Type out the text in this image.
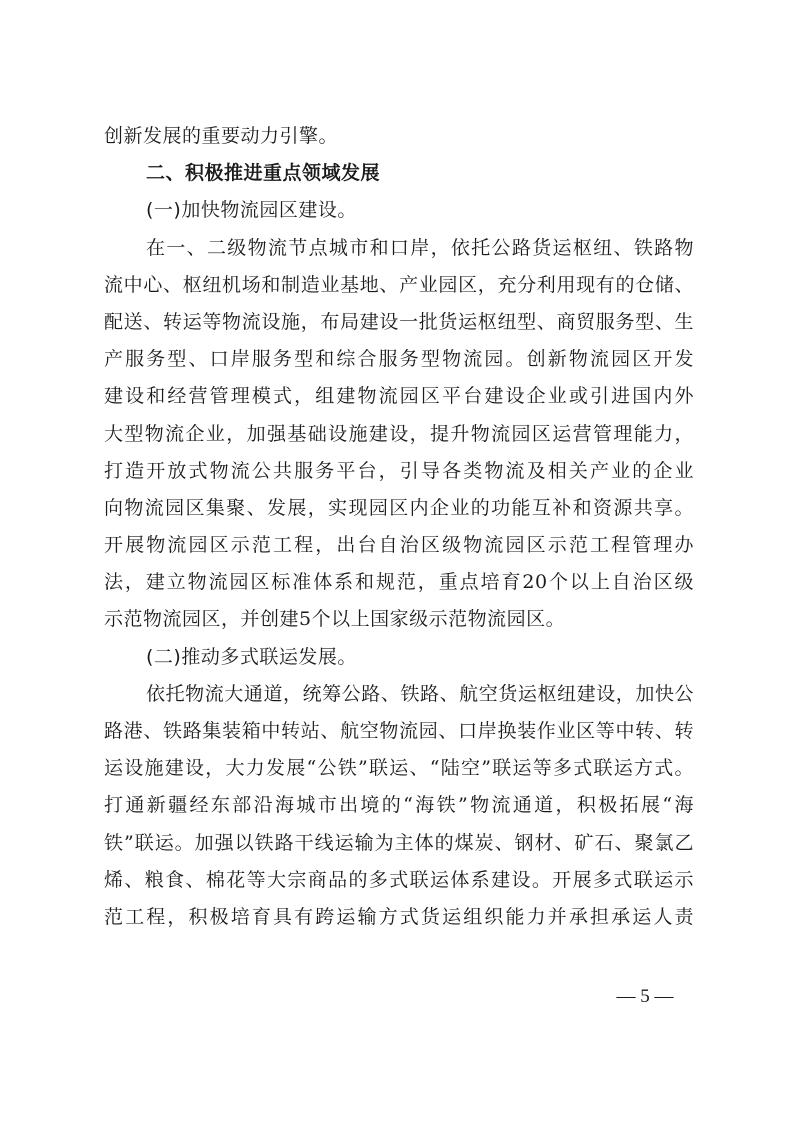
创新发展的重要动力引擎。
二、积极推进重点领域发展
(一)加快物流园区建设。
在一、二级物流节点城市和口岸，依托公路货运枢纽、铁路物
流中心、枢纽机场和制造业基地、产业园区，充分利用现有的仓储、
配送、转运等物流设施，布局建设一批货运枢纽型、商贸服务型、生
产服务型、口岸服务型和综合服务型物流园。创新物流园区开发
建设和经营管理模式，组建物流园区平台建设企业或引进国内外
大型物流企业，加强基础设施建设，提升物流园区运营管理能力，
打造开放式物流公共服务平台，引导各类物流及相关产业的企业
向物流园区集聚、发展，实现园区内企业的功能互补和资源共享。
开展物流园区示范工程，出台自治区级物流园区示范工程管理办
法，建立物流园区标准体系和规范，重点培育20个以上自治区级
示范物流园区，并创建5个以上国家级示范物流园区。
(二)推动多式联运发展。
依托物流大通道，统筹公路、铁路、航空货运枢纽建设，加快公
路港、铁路集装箱中转站、航空物流园、口岸换装作业区等中转、转
运设施建设，大力发展“公铁”联运、“陆空”联运等多式联运方式。
打通新疆经东部沿海城市出境的“海铁”物流通道，积极拓展“海
铁”联运。加强以铁路干线运输为主体的煤炭、钢材、矿石、聚氯乙
烯、粮食、棉花等大宗商品的多式联运体系建设。开展多式联运示
范工程，积极培育具有跨运输方式货运组织能力并承担承运人责
— 5 —
